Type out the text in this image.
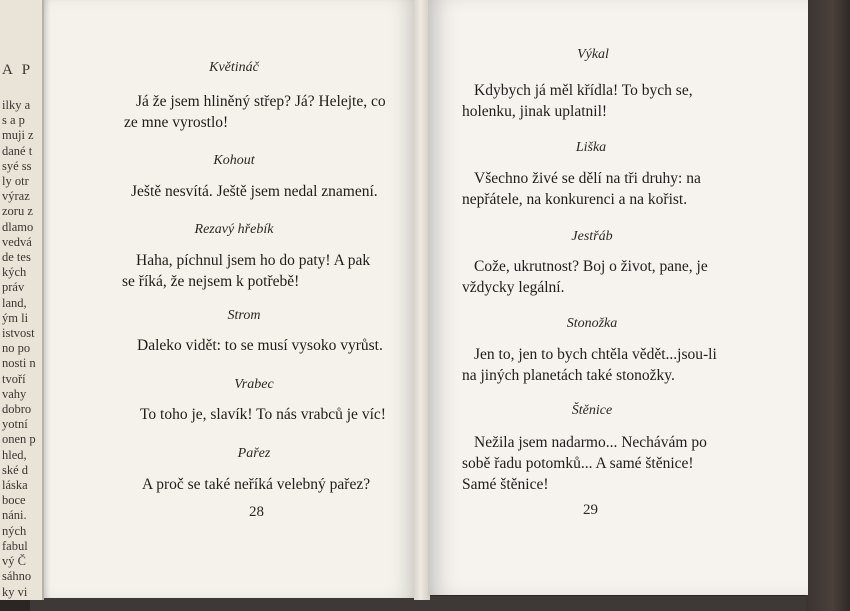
A P
ilky a
s a p
muji z
dané t
syé ss
ly otr
výraz
zoru z
dlamo
vedvá
de tes
kých
práv
land,
ým li
istvost
no po
nosti n
tvoří
vahy
dobro
yotní
onen p
hled,
ské d
láska
boce
náni.
ných
fabul
vý Č
sáhno
ky vi
Květináč

Já že jsem hliněný střep? Já? Helejte, co ze mne vyrostlo!

Kohout

Ještě nesvítá. Ještě jsem nedal znamení.

Rezavý hřebík

Haha, píchnul jsem ho do paty! A pak se říká, že nejsem k potřebě!

Strom

Daleko vidět: to se musí vysoko vyrůst.

Vrabec

To toho je, slavík! To nás vrabců je víc!

Pařez

A proč se také neříká velebný pařez?

28
Výkal

Kdybych já měl křídla! To bych se, holenku, jinak uplatnil!

Liška

Všechno živé se dělí na tři druhy: na nepřátele, na konkurenci a na kořist.

Jestřáb

Cože, ukrutnost? Boj o život, pane, je vždycky legální.

Stonožka

Jen to, jen to bych chtěla vědět...jsou-li na jiných planetách také stonožky.

Štěnice

Nežila jsem nadarmo... Nechávám po sobě řadu potomků... A samé štěnice! Samé štěnice!

29
